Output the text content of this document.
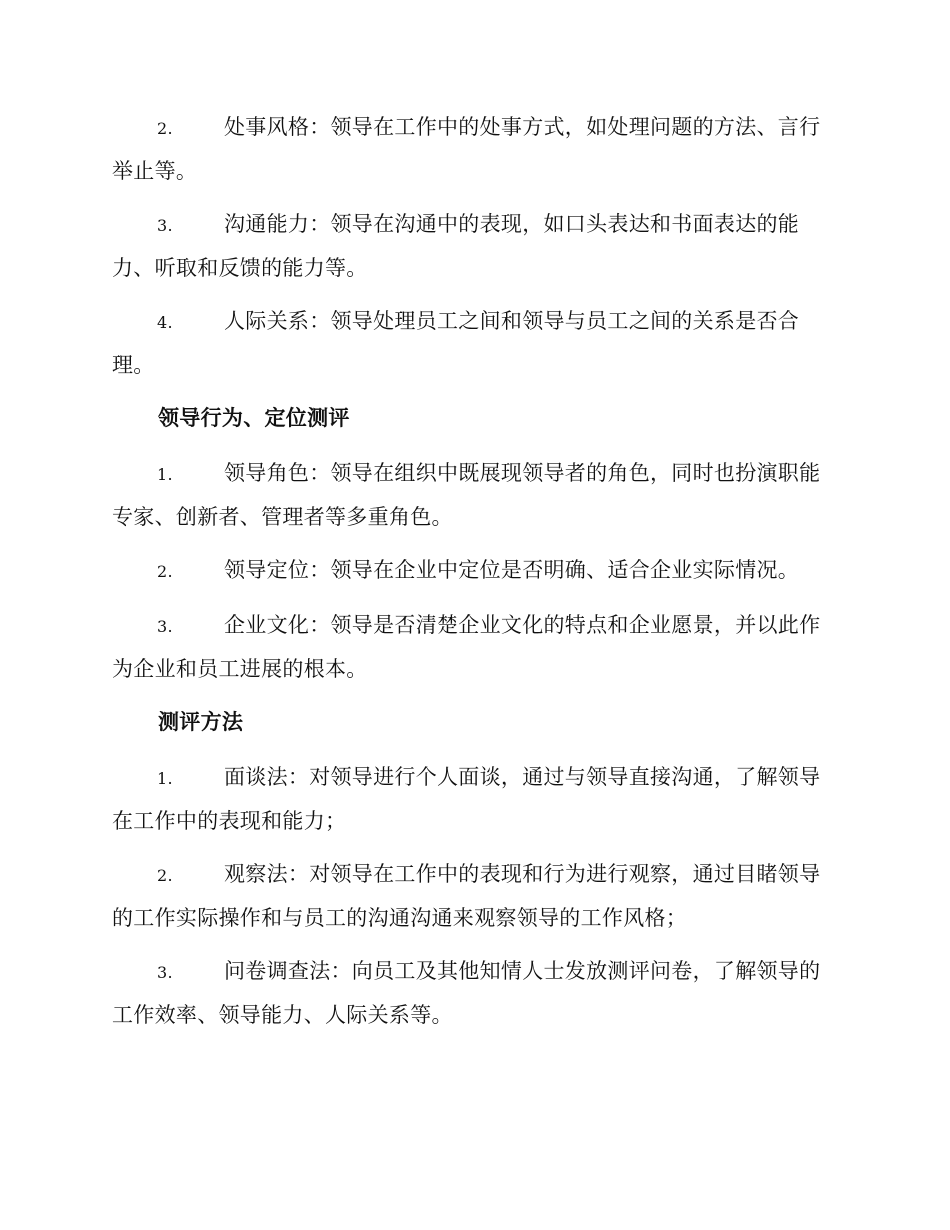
2. 处事风格：领导在工作中的处事方式，如处理问题的方法、言行举止等。

3. 沟通能力：领导在沟通中的表现，如口头表达和书面表达的能力、听取和反馈的能力等。

4. 人际关系：领导处理员工之间和领导与员工之间的关系是否合理。

领导行为、定位测评

1. 领导角色：领导在组织中既展现领导者的角色，同时也扮演职能专家、创新者、管理者等多重角色。

2. 领导定位：领导在企业中定位是否明确、适合企业实际情况。

3. 企业文化：领导是否清楚企业文化的特点和企业愿景，并以此作为企业和员工进展的根本。

测评方法

1. 面谈法：对领导进行个人面谈，通过与领导直接沟通，了解领导在工作中的表现和能力；

2. 观察法：对领导在工作中的表现和行为进行观察，通过目睹领导的工作实际操作和与员工的沟通沟通来观察领导的工作风格；

3. 问卷调查法：向员工及其他知情人士发放测评问卷，了解领导的工作效率、领导能力、人际关系等。
